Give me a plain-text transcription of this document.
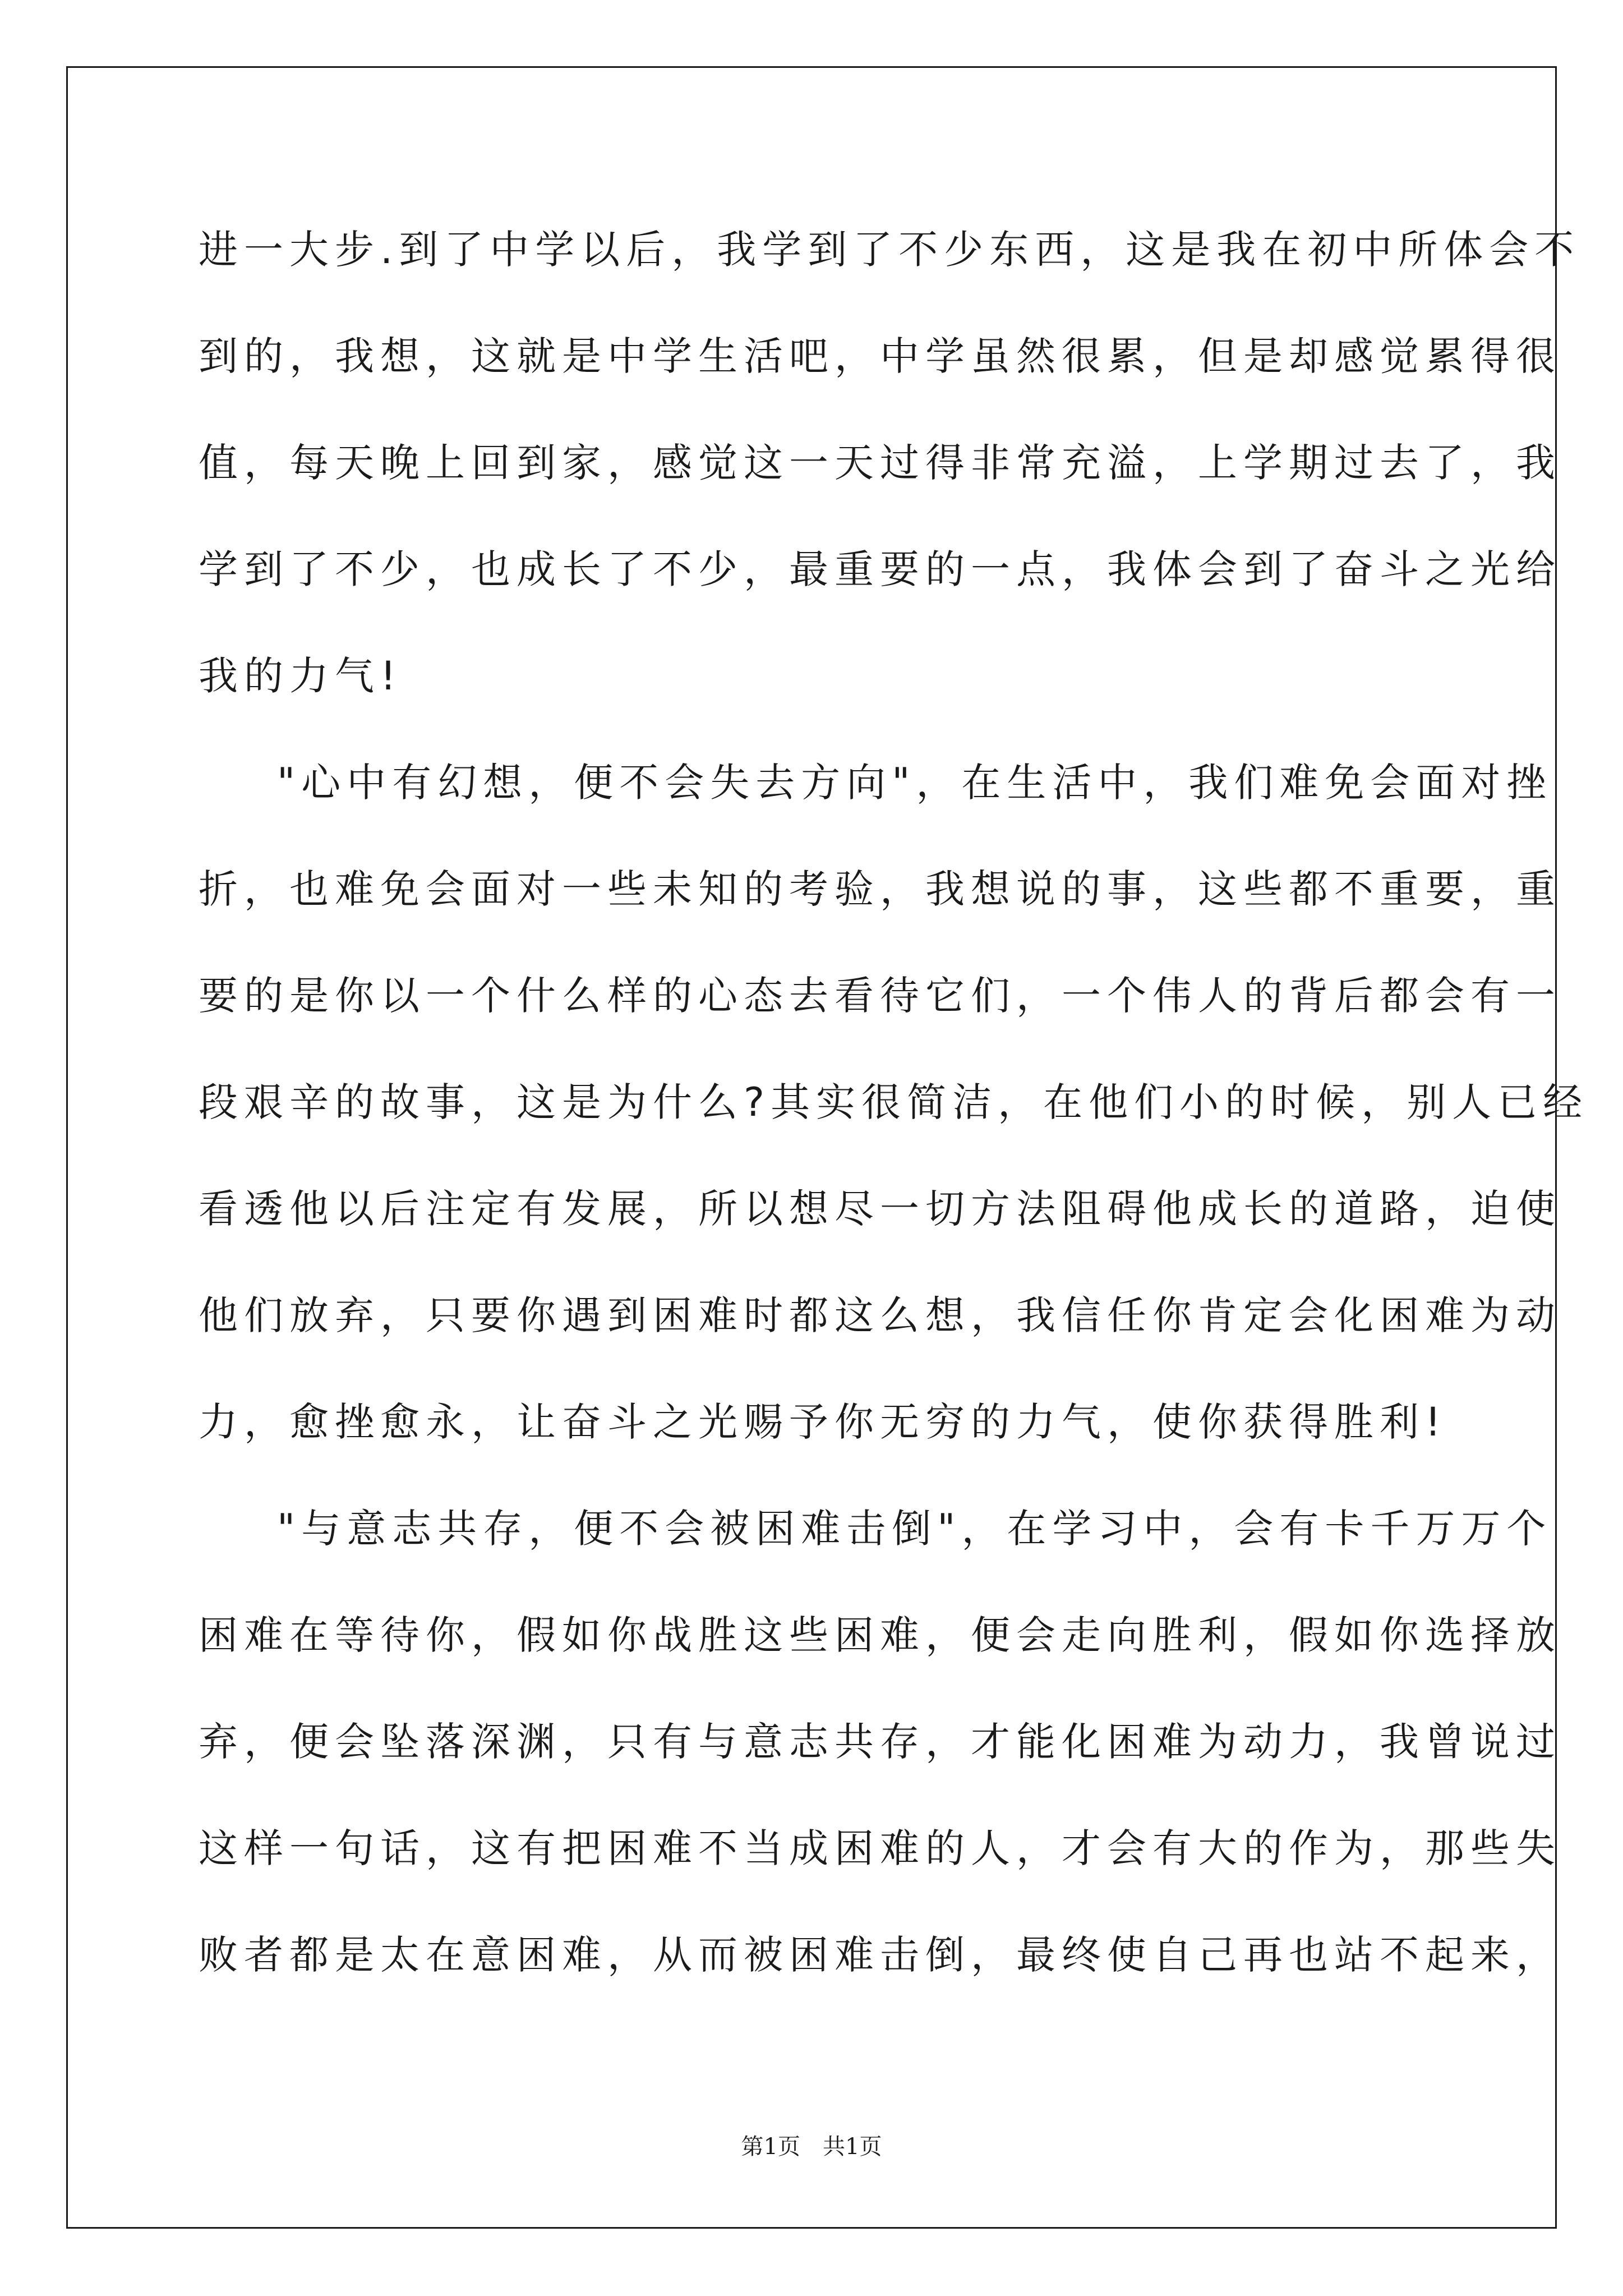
进一大步.到了中学以后，我学到了不少东西，这是我在初中所体会不
到的，我想，这就是中学生活吧，中学虽然很累，但是却感觉累得很
值，每天晚上回到家，感觉这一天过得非常充溢，上学期过去了，我
学到了不少，也成长了不少，最重要的一点，我体会到了奋斗之光给
我的力气!
"心中有幻想，便不会失去方向"，在生活中，我们难免会面对挫
折，也难免会面对一些未知的考验，我想说的事，这些都不重要，重
要的是你以一个什么样的心态去看待它们，一个伟人的背后都会有一
段艰辛的故事，这是为什么?其实很简洁，在他们小的时候，别人已经
看透他以后注定有发展，所以想尽一切方法阻碍他成长的道路，迫使
他们放弃，只要你遇到困难时都这么想，我信任你肯定会化困难为动
力，愈挫愈永，让奋斗之光赐予你无穷的力气，使你获得胜利!
"与意志共存，便不会被困难击倒"，在学习中，会有卡千万万个
困难在等待你，假如你战胜这些困难，便会走向胜利，假如你选择放
弃，便会坠落深渊，只有与意志共存，才能化困难为动力，我曾说过
这样一句话，这有把困难不当成困难的人，才会有大的作为，那些失
败者都是太在意困难，从而被困难击倒，最终使自己再也站不起来，
第1页　共1页
